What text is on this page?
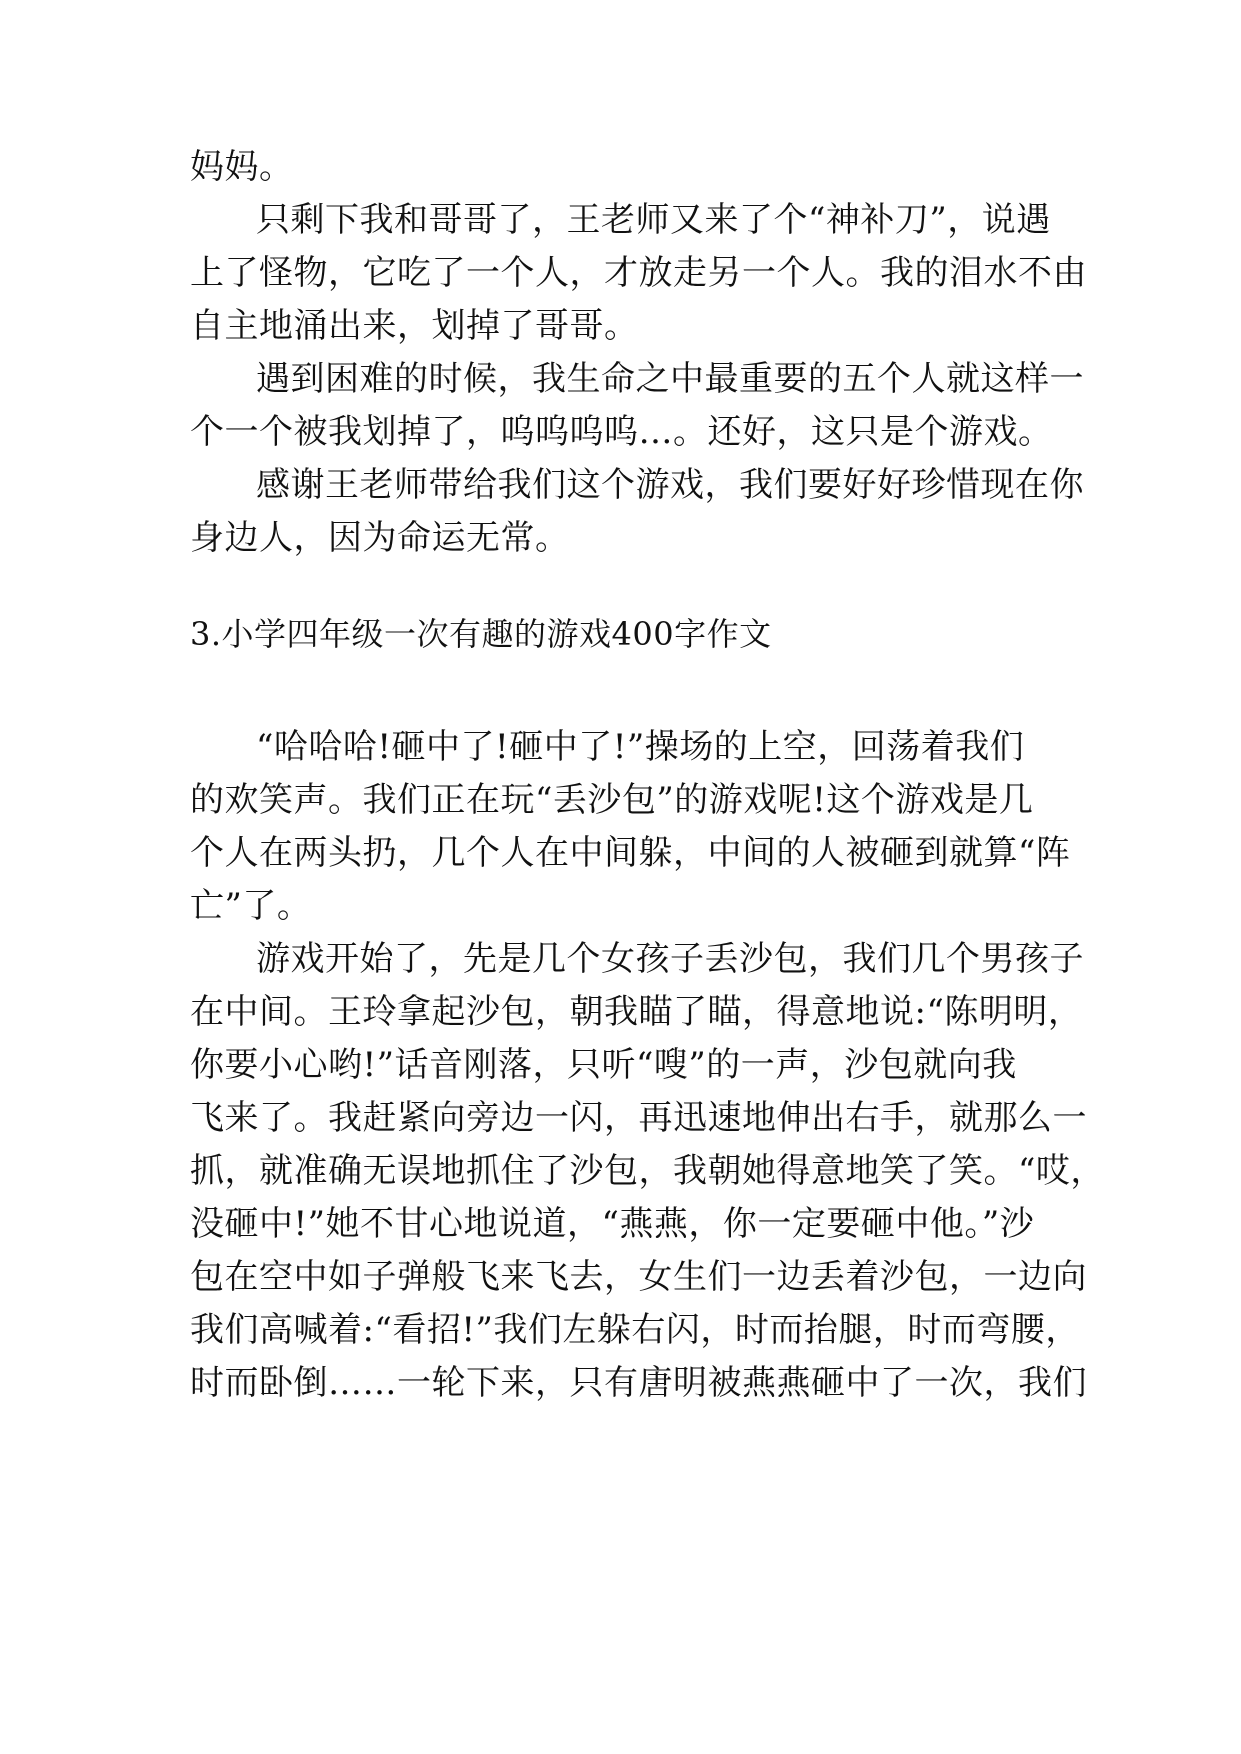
妈妈。
只剩下我和哥哥了，王老师又来了个“神补刀”，说遇
上了怪物，它吃了一个人，才放走另一个人。我的泪水不由
自主地涌出来，划掉了哥哥。
遇到困难的时候，我生命之中最重要的五个人就这样一
个一个被我划掉了，呜呜呜呜…。还好，这只是个游戏。
感谢王老师带给我们这个游戏，我们要好好珍惜现在你
身边人，因为命运无常。
3.小学四年级一次有趣的游戏400字作文
“哈哈哈!砸中了!砸中了!”操场的上空，回荡着我们
的欢笑声。我们正在玩“丢沙包”的游戏呢!这个游戏是几
个人在两头扔，几个人在中间躲，中间的人被砸到就算“阵
亡”了。
游戏开始了，先是几个女孩子丢沙包，我们几个男孩子
在中间。王玲拿起沙包，朝我瞄了瞄，得意地说:“陈明明，
你要小心哟!”话音刚落，只听“嗖”的一声，沙包就向我
飞来了。我赶紧向旁边一闪，再迅速地伸出右手，就那么一
抓，就准确无误地抓住了沙包，我朝她得意地笑了笑。“哎，
没砸中!”她不甘心地说道，“燕燕，你一定要砸中他。”沙
包在空中如子弹般飞来飞去，女生们一边丢着沙包，一边向
我们高喊着:“看招!”我们左躲右闪，时而抬腿，时而弯腰，
时而卧倒……一轮下来，只有唐明被燕燕砸中了一次，我们
